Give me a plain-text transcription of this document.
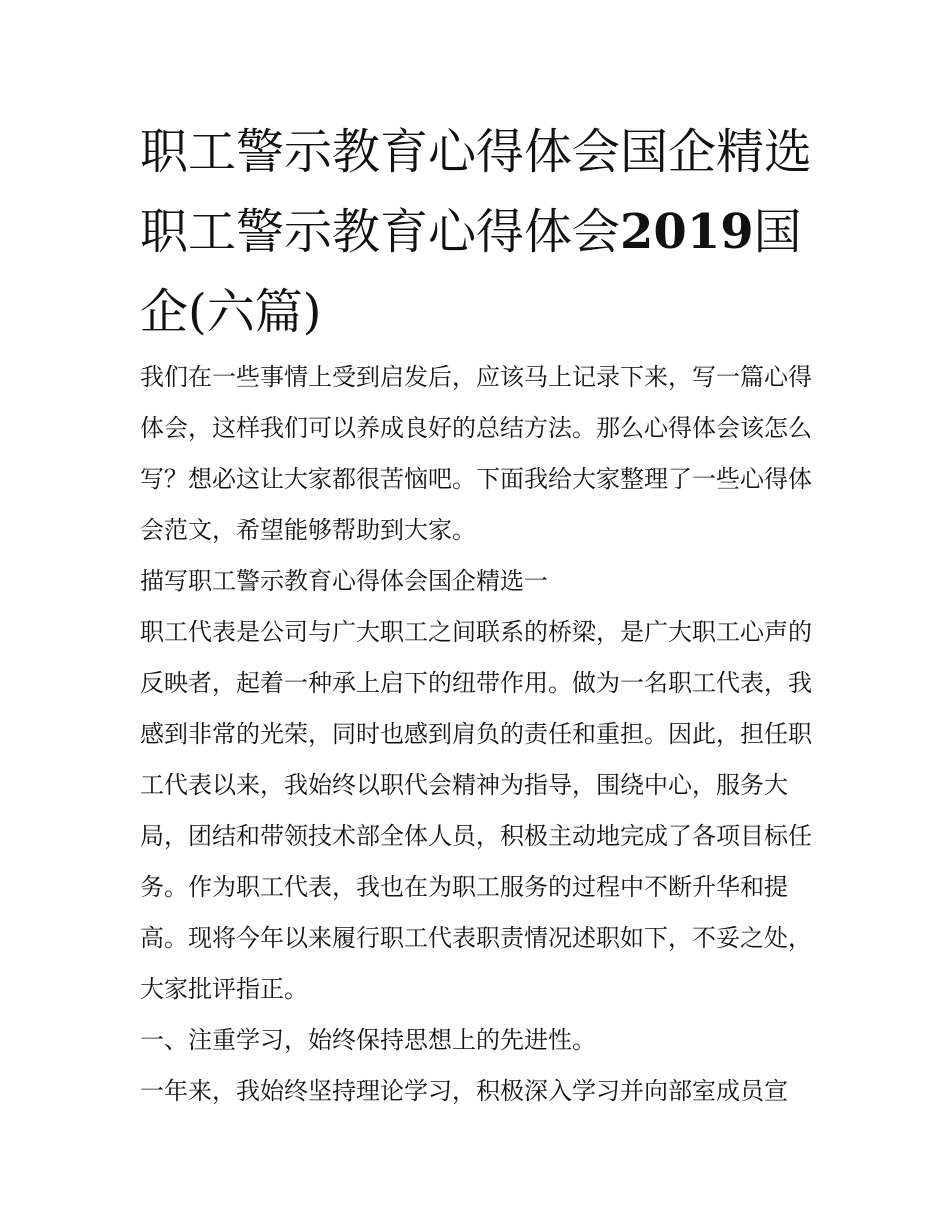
职工警示教育心得体会国企精选 职工警示教育心得体会2019国企(六篇)

我们在一些事情上受到启发后，应该马上记录下来，写一篇心得体会，这样我们可以养成良好的总结方法。那么心得体会该怎么写？想必这让大家都很苦恼吧。下面我给大家整理了一些心得体会范文，希望能够帮助到大家。

描写职工警示教育心得体会国企精选一

职工代表是公司与广大职工之间联系的桥梁，是广大职工心声的反映者，起着一种承上启下的纽带作用。做为一名职工代表，我感到非常的光荣，同时也感到肩负的责任和重担。因此，担任职工代表以来，我始终以职代会精神为指导，围绕中心，服务大局，团结和带领技术部全体人员，积极主动地完成了各项目标任务。作为职工代表，我也在为职工服务的过程中不断升华和提高。现将今年以来履行职工代表职责情况述职如下，不妥之处，大家批评指正。

一、注重学习，始终保持思想上的先进性。

一年来，我始终坚持理论学习，积极深入学习并向部室成员宣
